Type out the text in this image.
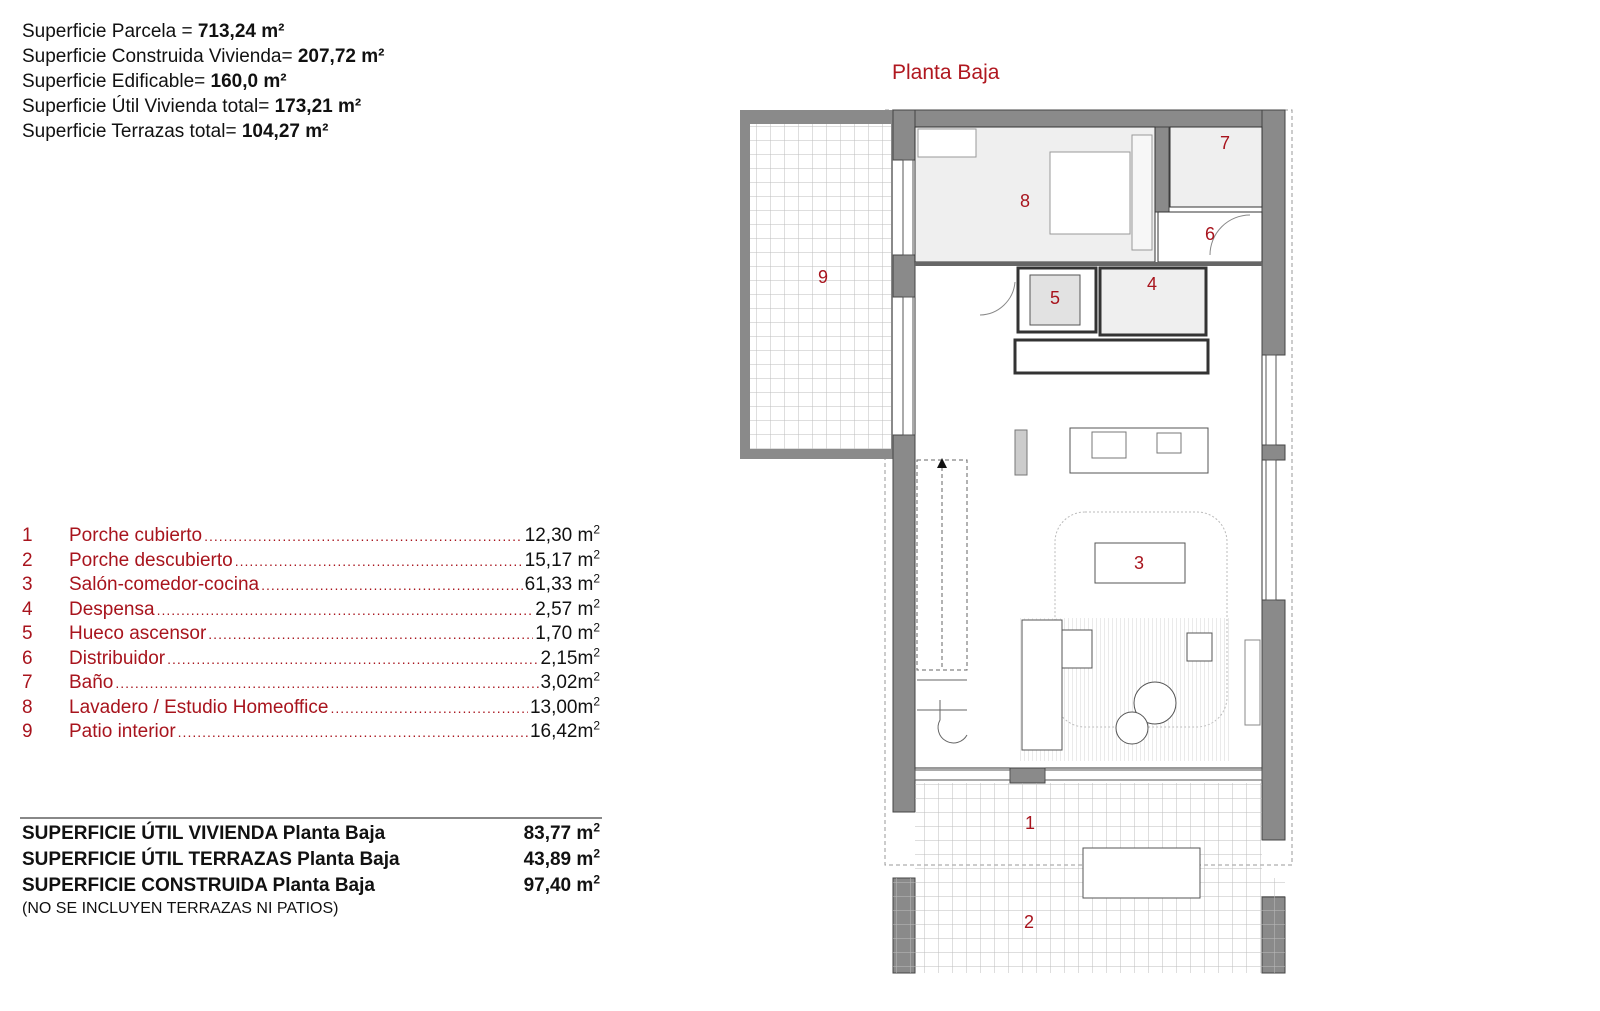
Superficie Parcela = 713,24 m²
Superficie Construida Vivienda= 207,72 m²
Superficie Edificable= 160,0 m²
Superficie Útil Vivienda total= 173,21 m²
Superficie Terrazas total= 104,27 m²
Planta Baja
1	Porche cubierto .....	12,30 $m^2$
2	Porche descubierto .....	15,17 $m^2$
3	Salón-comedor-cocina .....	61,33 $m^2$
4	Despensa .....	2,57 $m^2$
5	Hueco ascensor .....	1,70 $m^2$
6	Distribuidor .....	$2,15m^2$
7	Baño .....	$3,02m^2$
8	Lavadero / Estudio Homeoffice .....	$13,00m^2$
9	Patio interior .....	$16,42m^2$
SUPERFICIE ÚTIL VIVIENDA Planta Baja	83,77 $m^2$
SUPERFICIE ÚTIL TERRAZAS Planta Baja	43,89 $m^2$
SUPERFICIE CONSTRUIDA Planta Baja	97,40 $m^2$
(NO SE INCLUYEN TERRAZAS NI PATIOS)
1
2
3
4
5
6
7
8
9
